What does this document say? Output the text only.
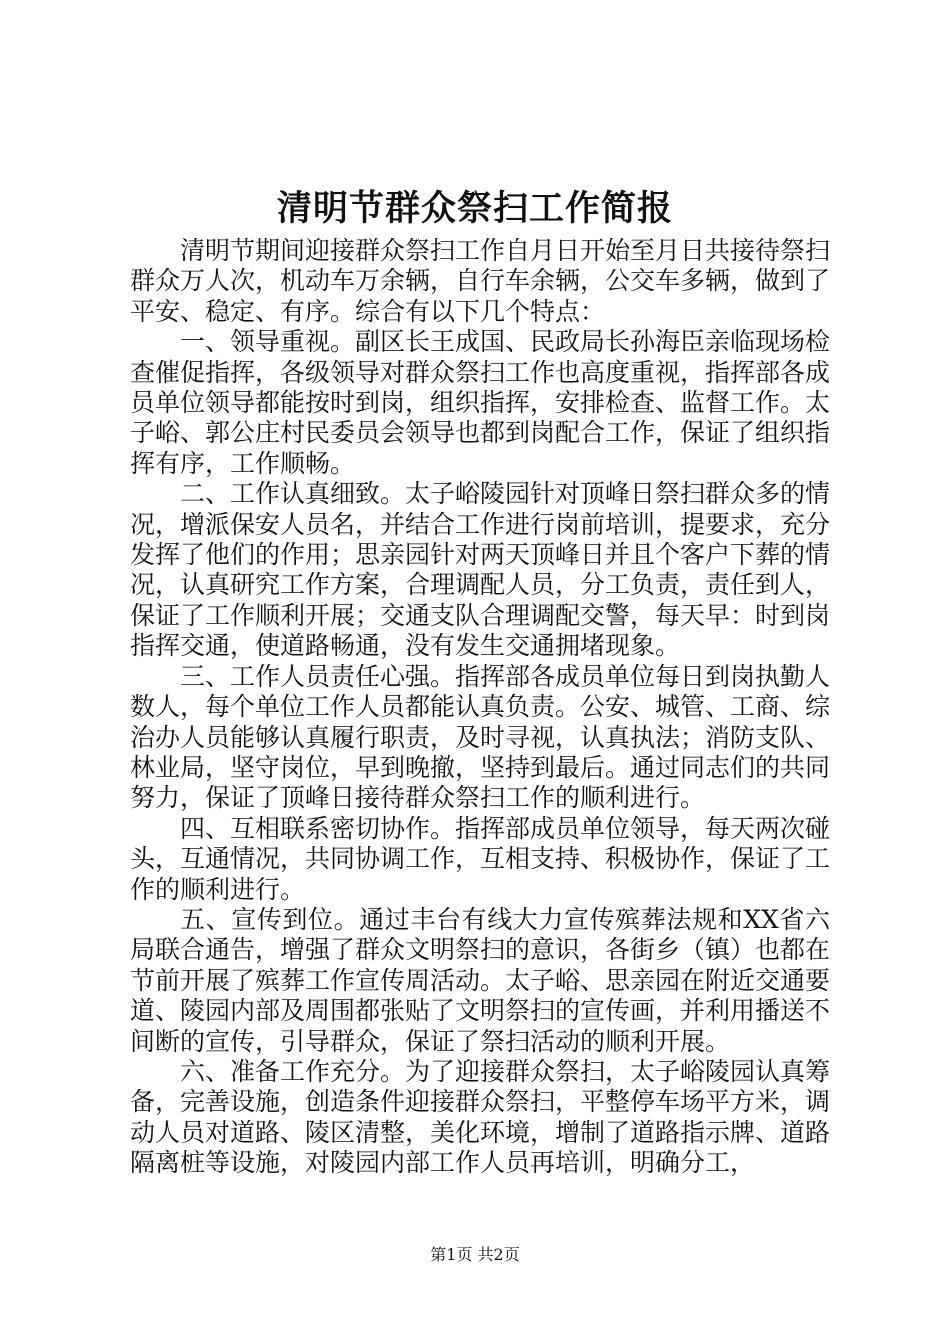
清明节群众祭扫工作简报

清明节期间迎接群众祭扫工作自月日开始至月日共接待祭扫群众万人次，机动车万余辆，自行车余辆，公交车多辆，做到了平安、稳定、有序。综合有以下几个特点：

一、领导重视。副区长王成国、民政局长孙海臣亲临现场检查催促指挥，各级领导对群众祭扫工作也高度重视，指挥部各成员单位领导都能按时到岗，组织指挥，安排检查、监督工作。太子峪、郭公庄村民委员会领导也都到岗配合工作，保证了组织指挥有序，工作顺畅。

二、工作认真细致。太子峪陵园针对顶峰日祭扫群众多的情况，增派保安人员名，并结合工作进行岗前培训，提要求，充分发挥了他们的作用；思亲园针对两天顶峰日并且个客户下葬的情况，认真研究工作方案，合理调配人员，分工负责，责任到人，保证了工作顺利开展；交通支队合理调配交警，每天早：时到岗指挥交通，使道路畅通，没有发生交通拥堵现象。

三、工作人员责任心强。指挥部各成员单位每日到岗执勤人数人，每个单位工作人员都能认真负责。公安、城管、工商、综治办人员能够认真履行职责，及时寻视，认真执法；消防支队、林业局，坚守岗位，早到晚撤，坚持到最后。通过同志们的共同努力，保证了顶峰日接待群众祭扫工作的顺利进行。

四、互相联系密切协作。指挥部成员单位领导，每天两次碰头，互通情况，共同协调工作，互相支持、积极协作，保证了工作的顺利进行。

五、宣传到位。通过丰台有线大力宣传殡葬法规和XX省六局联合通告，增强了群众文明祭扫的意识，各街乡（镇）也都在节前开展了殡葬工作宣传周活动。太子峪、思亲园在附近交通要道、陵园内部及周围都张贴了文明祭扫的宣传画，并利用播送不间断的宣传，引导群众，保证了祭扫活动的顺利开展。

六、准备工作充分。为了迎接群众祭扫，太子峪陵园认真筹备，完善设施，创造条件迎接群众祭扫，平整停车场平方米，调动人员对道路、陵区清整，美化环境，增制了道路指示牌、道路隔离桩等设施，对陵园内部工作人员再培训，明确分工，

第1页 共2页
